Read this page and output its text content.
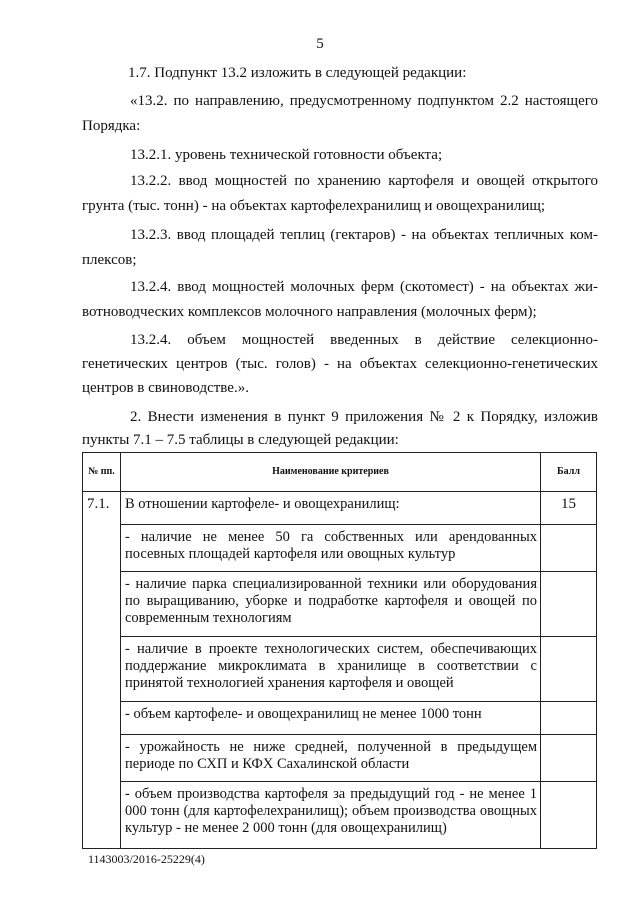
5
1.7. Подпункт 13.2 изложить в следующей редакции:
«13.2. по направлению, предусмотренному подпунктом 2.2 настоящего
Порядка:
13.2.1. уровень технической готовности объекта;
13.2.2. ввод мощностей по хранению картофеля и овощей открытого
грунта (тыс. тонн) - на объектах картофелехранилищ и овощехранилищ;
13.2.3. ввод площадей теплиц (гектаров) - на объектах тепличных ком-
плексов;
13.2.4. ввод мощностей молочных ферм (скотомест) - на объектах жи-
вотноводческих комплексов молочного направления (молочных ферм);
13.2.4. объем мощностей введенных в действие селекционно-
генетических центров (тыс. голов) - на объектах селекционно-генетических
центров в свиноводстве.».
2. Внести изменения в пункт 9 приложения № 2 к Порядку, изложив
пункты 7.1 – 7.5 таблицы в следующей редакции:
№ пп.	Наименование критериев	Балл
7.1.	В отношении картофеле- и овощехранилищ:	15
	- наличие не менее 50 га собственных или арендованных посевных площадей картофеля или овощных культур	
	- наличие парка специализированной техники или оборудования по выращиванию, уборке и подработке картофеля и овощей по современным технологиям	
	- наличие в проекте технологических систем, обеспечивающих поддержание микроклимата в хранилище в соответствии с принятой технологией хранения картофеля и овощей	
	- объем картофеле- и овощехранилищ не менее 1000 тонн	
	- урожайность не ниже средней, полученной в предыдущем периоде по СХП и КФХ Сахалинской области	
	- объем производства картофеля за предыдущий год - не менее 1 000 тонн (для картофелехранилищ); объем производства овощных культур - не менее 2 000 тонн (для овощехранилищ)	
1143003/2016-25229(4)
